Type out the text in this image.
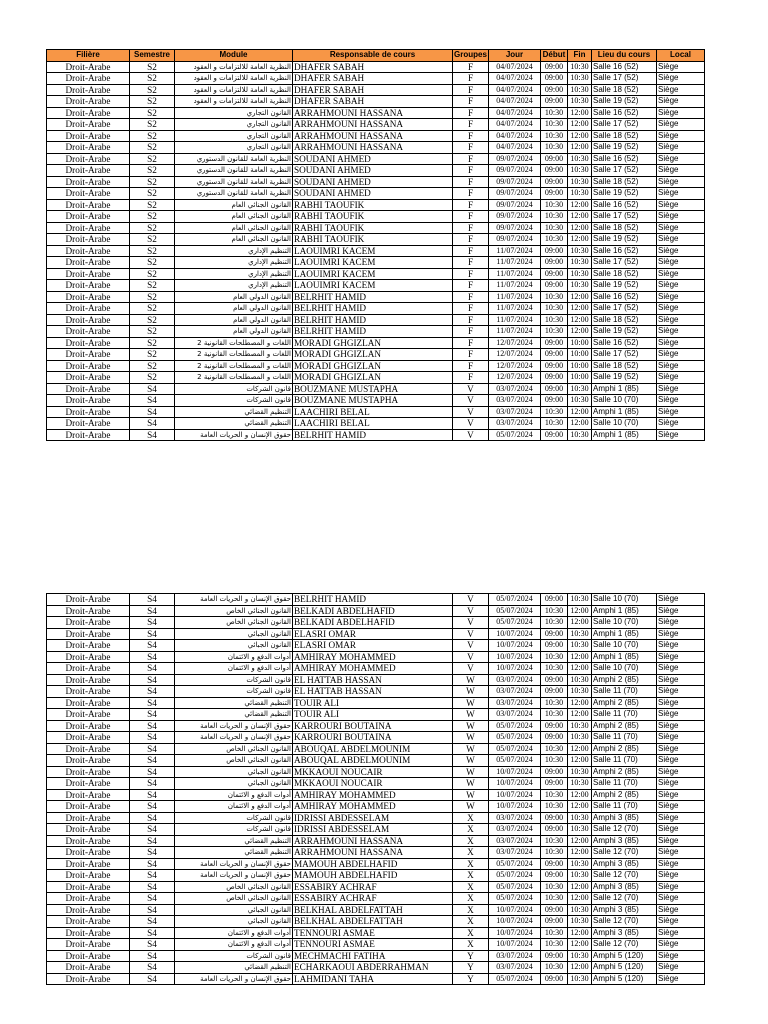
Filière	Semestre	Module	Responsable de cours	Groupes	Jour	Début	Fin	Lieu du cours	Local
Droit-Arabe	S2	النظرية العامة للالتزامات و العقود	DHAFER SABAH	F	04/07/2024	09:00	10:30	Salle 16 (52)	Siège
Droit-Arabe	S2	النظرية العامة للالتزامات و العقود	DHAFER SABAH	F	04/07/2024	09:00	10:30	Salle 17 (52)	Siège
Droit-Arabe	S2	النظرية العامة للالتزامات و العقود	DHAFER SABAH	F	04/07/2024	09:00	10:30	Salle 18 (52)	Siège
Droit-Arabe	S2	النظرية العامة للالتزامات و العقود	DHAFER SABAH	F	04/07/2024	09:00	10:30	Salle 19 (52)	Siège
Droit-Arabe	S2	القانون التجاري	ARRAHMOUNI HASSANA	F	04/07/2024	10:30	12:00	Salle 16 (52)	Siège
Droit-Arabe	S2	القانون التجاري	ARRAHMOUNI HASSANA	F	04/07/2024	10:30	12:00	Salle 17 (52)	Siège
Droit-Arabe	S2	القانون التجاري	ARRAHMOUNI HASSANA	F	04/07/2024	10:30	12:00	Salle 18 (52)	Siège
Droit-Arabe	S2	القانون التجاري	ARRAHMOUNI HASSANA	F	04/07/2024	10:30	12:00	Salle 19 (52)	Siège
Droit-Arabe	S2	النظرية العامة للقانون الدستوري	SOUDANI AHMED	F	09/07/2024	09:00	10:30	Salle 16 (52)	Siège
Droit-Arabe	S2	النظرية العامة للقانون الدستوري	SOUDANI AHMED	F	09/07/2024	09:00	10:30	Salle 17 (52)	Siège
Droit-Arabe	S2	النظرية العامة للقانون الدستوري	SOUDANI AHMED	F	09/07/2024	09:00	10:30	Salle 18 (52)	Siège
Droit-Arabe	S2	النظرية العامة للقانون الدستوري	SOUDANI AHMED	F	09/07/2024	09:00	10:30	Salle 19 (52)	Siège
Droit-Arabe	S2	القانون الجنائي العام	RABHI TAOUFIK	F	09/07/2024	10:30	12:00	Salle 16 (52)	Siège
Droit-Arabe	S2	القانون الجنائي العام	RABHI TAOUFIK	F	09/07/2024	10:30	12:00	Salle 17 (52)	Siège
Droit-Arabe	S2	القانون الجنائي العام	RABHI TAOUFIK	F	09/07/2024	10:30	12:00	Salle 18 (52)	Siège
Droit-Arabe	S2	القانون الجنائي العام	RABHI TAOUFIK	F	09/07/2024	10:30	12:00	Salle 19 (52)	Siège
Droit-Arabe	S2	التنظيم الإداري	LAOUIMRI KACEM	F	11/07/2024	09:00	10:30	Salle 16 (52)	Siège
Droit-Arabe	S2	التنظيم الإداري	LAOUIMRI KACEM	F	11/07/2024	09:00	10:30	Salle 17 (52)	Siège
Droit-Arabe	S2	التنظيم الإداري	LAOUIMRI KACEM	F	11/07/2024	09:00	10:30	Salle 18 (52)	Siège
Droit-Arabe	S2	التنظيم الإداري	LAOUIMRI KACEM	F	11/07/2024	09:00	10:30	Salle 19 (52)	Siège
Droit-Arabe	S2	القانون الدولي العام	BELRHIT HAMID	F	11/07/2024	10:30	12:00	Salle 16 (52)	Siège
Droit-Arabe	S2	القانون الدولي العام	BELRHIT HAMID	F	11/07/2024	10:30	12:00	Salle 17 (52)	Siège
Droit-Arabe	S2	القانون الدولي العام	BELRHIT HAMID	F	11/07/2024	10:30	12:00	Salle 18 (52)	Siège
Droit-Arabe	S2	القانون الدولي العام	BELRHIT HAMID	F	11/07/2024	10:30	12:00	Salle 19 (52)	Siège
Droit-Arabe	S2	اللغات و المصطلحات القانونية 2	MORADI GHGIZLAN	F	12/07/2024	09:00	10:00	Salle 16 (52)	Siège
Droit-Arabe	S2	اللغات و المصطلحات القانونية 2	MORADI GHGIZLAN	F	12/07/2024	09:00	10:00	Salle 17 (52)	Siège
Droit-Arabe	S2	اللغات و المصطلحات القانونية 2	MORADI GHGIZLAN	F	12/07/2024	09:00	10:00	Salle 18 (52)	Siège
Droit-Arabe	S2	اللغات و المصطلحات القانونية 2	MORADI GHGIZLAN	F	12/07/2024	09:00	10:00	Salle 19 (52)	Siège
Droit-Arabe	S4	قانون الشركات	BOUZMANE MUSTAPHA	V	03/07/2024	09:00	10:30	Amphi 1 (85)	Siège
Droit-Arabe	S4	قانون الشركات	BOUZMANE MUSTAPHA	V	03/07/2024	09:00	10:30	Salle 10 (70)	Siège
Droit-Arabe	S4	التنظيم القضائي	LAACHIRI BELAL	V	03/07/2024	10:30	12:00	Amphi 1 (85)	Siège
Droit-Arabe	S4	التنظيم القضائي	LAACHIRI BELAL	V	03/07/2024	10:30	12:00	Salle 10 (70)	Siège
Droit-Arabe	S4	حقوق الإنسان و الحريات العامة	BELRHIT HAMID	V	05/07/2024	09:00	10:30	Amphi 1 (85)	Siège
Droit-Arabe	S4	حقوق الإنسان و الحريات العامة	BELRHIT HAMID	V	05/07/2024	09:00	10:30	Salle 10 (70)	Siège
Droit-Arabe	S4	القانون الجنائي الخاص	BELKADI ABDELHAFID	V	05/07/2024	10:30	12:00	Amphi 1 (85)	Siège
Droit-Arabe	S4	القانون الجنائي الخاص	BELKADI ABDELHAFID	V	05/07/2024	10:30	12:00	Salle 10 (70)	Siège
Droit-Arabe	S4	القانون الجبائي	ELASRI OMAR	V	10/07/2024	09:00	10:30	Amphi 1 (85)	Siège
Droit-Arabe	S4	القانون الجبائي	ELASRI OMAR	V	10/07/2024	09:00	10:30	Salle 10 (70)	Siège
Droit-Arabe	S4	أدوات الدفع و الائتمان	AMHIRAY MOHAMMED	V	10/07/2024	10:30	12:00	Amphi 1 (85)	Siège
Droit-Arabe	S4	أدوات الدفع و الائتمان	AMHIRAY MOHAMMED	V	10/07/2024	10:30	12:00	Salle 10 (70)	Siège
Droit-Arabe	S4	قانون الشركات	EL HATTAB HASSAN	W	03/07/2024	09:00	10:30	Amphi 2 (85)	Siège
Droit-Arabe	S4	قانون الشركات	EL HATTAB HASSAN	W	03/07/2024	09:00	10:30	Salle 11 (70)	Siège
Droit-Arabe	S4	التنظيم القضائي	TOUIR ALI	W	03/07/2024	10:30	12:00	Amphi 2 (85)	Siège
Droit-Arabe	S4	التنظيم القضائي	TOUIR ALI	W	03/07/2024	10:30	12:00	Salle 11 (70)	Siège
Droit-Arabe	S4	حقوق الإنسان و الحريات العامة	KARROURI BOUTAINA	W	05/07/2024	09:00	10:30	Amphi 2 (85)	Siège
Droit-Arabe	S4	حقوق الإنسان و الحريات العامة	KARROURI BOUTAINA	W	05/07/2024	09:00	10:30	Salle 11 (70)	Siège
Droit-Arabe	S4	القانون الجنائي الخاص	ABOUQAL ABDELMOUNIM	W	05/07/2024	10:30	12:00	Amphi 2 (85)	Siège
Droit-Arabe	S4	القانون الجنائي الخاص	ABOUQAL ABDELMOUNIM	W	05/07/2024	10:30	12:00	Salle 11 (70)	Siège
Droit-Arabe	S4	القانون الجبائي	MKKAOUI NOUCAIR	W	10/07/2024	09:00	10:30	Amphi 2 (85)	Siège
Droit-Arabe	S4	القانون الجبائي	MKKAOUI NOUCAIR	W	10/07/2024	09:00	10:30	Salle 11 (70)	Siège
Droit-Arabe	S4	أدوات الدفع و الائتمان	AMHIRAY MOHAMMED	W	10/07/2024	10:30	12:00	Amphi 2 (85)	Siège
Droit-Arabe	S4	أدوات الدفع و الائتمان	AMHIRAY MOHAMMED	W	10/07/2024	10:30	12:00	Salle 11 (70)	Siège
Droit-Arabe	S4	قانون الشركات	IDRISSI ABDESSELAM	X	03/07/2024	09:00	10:30	Amphi 3 (85)	Siège
Droit-Arabe	S4	قانون الشركات	IDRISSI ABDESSELAM	X	03/07/2024	09:00	10:30	Salle 12 (70)	Siège
Droit-Arabe	S4	التنظيم القضائي	ARRAHMOUNI HASSANA	X	03/07/2024	10:30	12:00	Amphi 3 (85)	Siège
Droit-Arabe	S4	التنظيم القضائي	ARRAHMOUNI HASSANA	X	03/07/2024	10:30	12:00	Salle 12 (70)	Siège
Droit-Arabe	S4	حقوق الإنسان و الحريات العامة	MAMOUH ABDELHAFID	X	05/07/2024	09:00	10:30	Amphi 3 (85)	Siège
Droit-Arabe	S4	حقوق الإنسان و الحريات العامة	MAMOUH ABDELHAFID	X	05/07/2024	09:00	10:30	Salle 12 (70)	Siège
Droit-Arabe	S4	القانون الجنائي الخاص	ESSABIRY ACHRAF	X	05/07/2024	10:30	12:00	Amphi 3 (85)	Siège
Droit-Arabe	S4	القانون الجنائي الخاص	ESSABIRY ACHRAF	X	05/07/2024	10:30	12:00	Salle 12 (70)	Siège
Droit-Arabe	S4	القانون الجبائي	BELKHAL ABDELFATTAH	X	10/07/2024	09:00	10:30	Amphi 3 (85)	Siège
Droit-Arabe	S4	القانون الجبائي	BELKHAL ABDELFATTAH	X	10/07/2024	09:00	10:30	Salle 12 (70)	Siège
Droit-Arabe	S4	أدوات الدفع و الائتمان	TENNOURI ASMAE	X	10/07/2024	10:30	12:00	Amphi 3 (85)	Siège
Droit-Arabe	S4	أدوات الدفع و الائتمان	TENNOURI ASMAE	X	10/07/2024	10:30	12:00	Salle 12 (70)	Siège
Droit-Arabe	S4	قانون الشركات	MECHMACHI FATIHA	Y	03/07/2024	09:00	10:30	Amphi 5 (120)	Siège
Droit-Arabe	S4	التنظيم القضائي	ECHARKAOUI ABDERRAHMAN	Y	03/07/2024	10:30	12:00	Amphi 5 (120)	Siège
Droit-Arabe	S4	حقوق الإنسان و الحريات العامة	LAHMIDANI TAHA	Y	05/07/2024	09:00	10:30	Amphi 5 (120)	Siège
